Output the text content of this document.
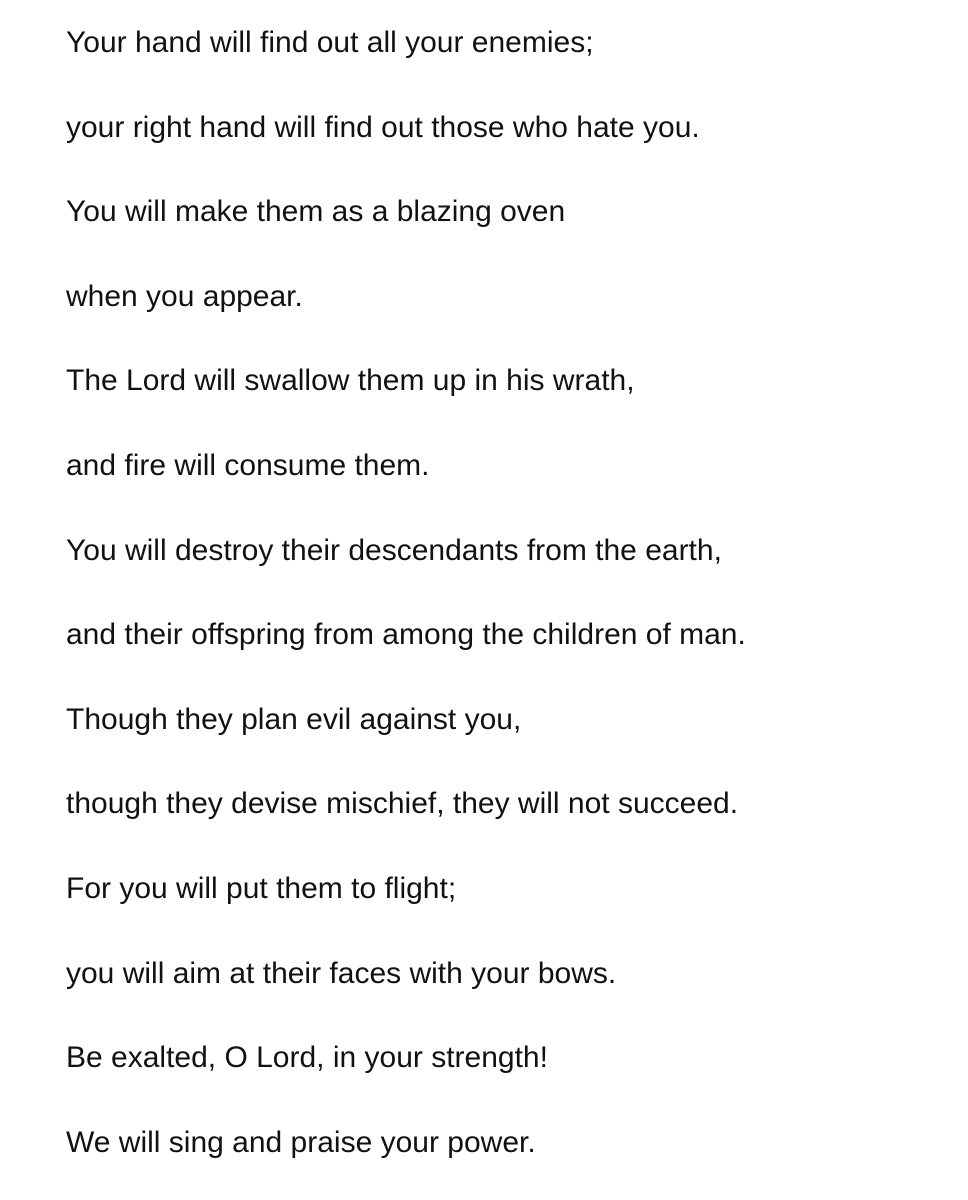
Your hand will find out all your enemies;
your right hand will find out those who hate you.
You will make them as a blazing oven
when you appear.
The Lord will swallow them up in his wrath,
and fire will consume them.
You will destroy their descendants from the earth,
and their offspring from among the children of man.
Though they plan evil against you,
though they devise mischief, they will not succeed.
For you will put them to flight;
you will aim at their faces with your bows.
Be exalted, O Lord, in your strength!
We will sing and praise your power.
